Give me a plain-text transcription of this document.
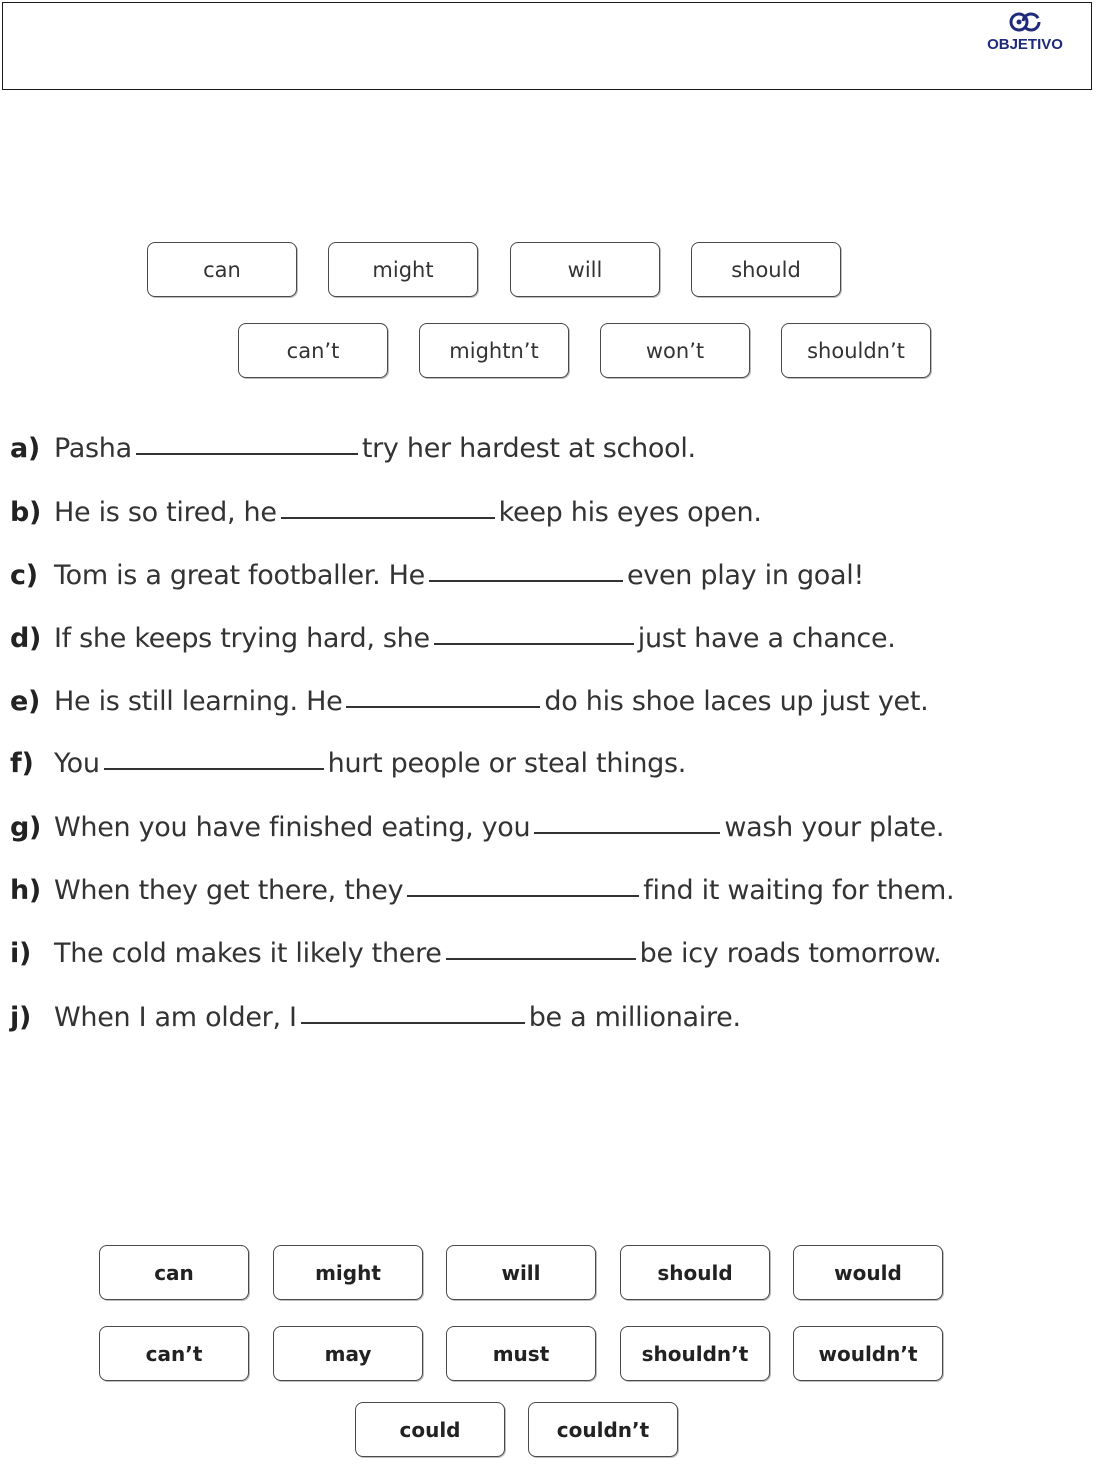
OBJETIVO
can	might	will	should
can’t	mightn’t	won’t	shouldn’t
a) Pasha	try her hardest at school.
b) He is so tired, he	keep his eyes open.
c) Tom is a great footballer. He	even play in goal!
d) If she keeps trying hard, she	just have a chance.
e) He is still learning. He	do his shoe laces up just yet.
f) You	hurt people or steal things.
g) When you have finished eating, you	wash your plate.
h) When they get there, they	find it waiting for them.
i) The cold makes it likely there	be icy roads tomorrow.
j) When I am older, I	be a millionaire.
can	might	will	should	would
can’t	may	must	shouldn’t	wouldn’t
could	couldn’t
